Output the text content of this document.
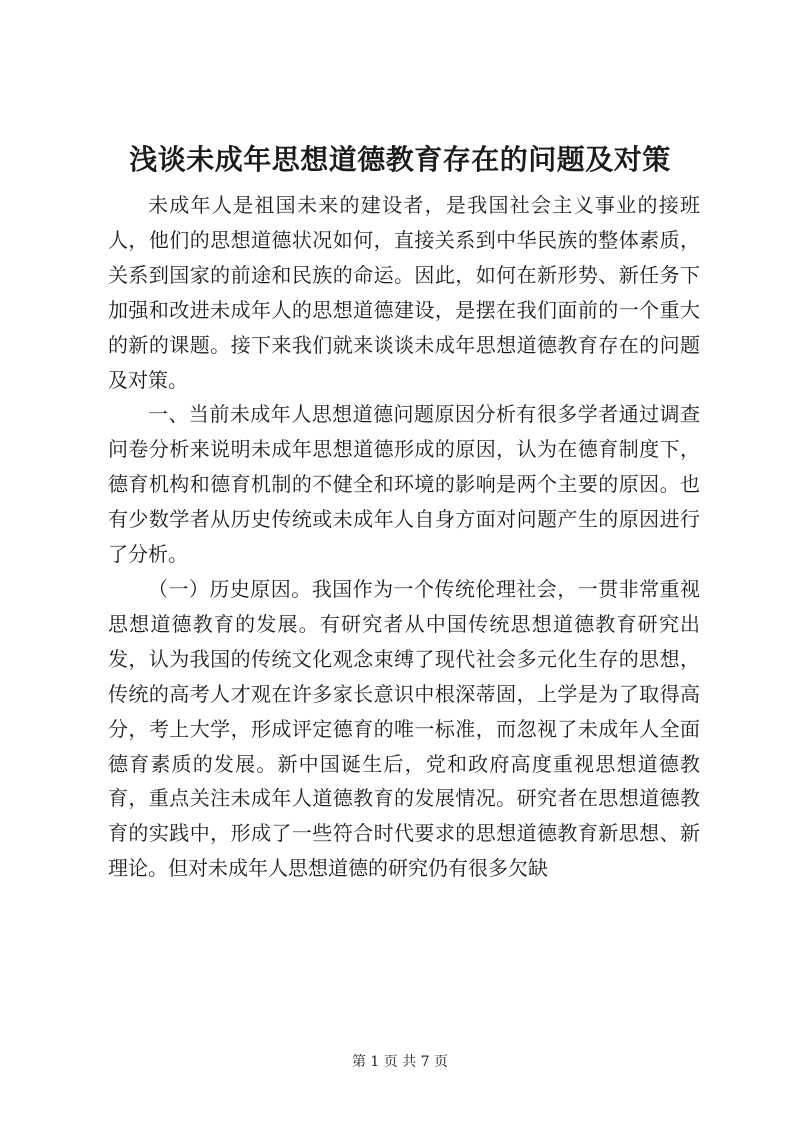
浅谈未成年思想道德教育存在的问题及对策

未成年人是祖国未来的建设者，是我国社会主义事业的接班人，他们的思想道德状况如何，直接关系到中华民族的整体素质，关系到国家的前途和民族的命运。因此，如何在新形势、新任务下加强和改进未成年人的思想道德建设，是摆在我们面前的一个重大的新的课题。接下来我们就来谈谈未成年思想道德教育存在的问题及对策。

一、当前未成年人思想道德问题原因分析有很多学者通过调查问卷分析来说明未成年思想道德形成的原因，认为在德育制度下，德育机构和德育机制的不健全和环境的影响是两个主要的原因。也有少数学者从历史传统或未成年人自身方面对问题产生的原因进行了分析。

（一）历史原因。我国作为一个传统伦理社会，一贯非常重视思想道德教育的发展。有研究者从中国传统思想道德教育研究出发，认为我国的传统文化观念束缚了现代社会多元化生存的思想，传统的高考人才观在许多家长意识中根深蒂固，上学是为了取得高分，考上大学，形成评定德育的唯一标准，而忽视了未成年人全面德育素质的发展。新中国诞生后，党和政府高度重视思想道德教育，重点关注未成年人道德教育的发展情况。研究者在思想道德教育的实践中，形成了一些符合时代要求的思想道德教育新思想、新理论。但对未成年人思想道德的研究仍有很多欠缺

第 1 页 共 7 页
